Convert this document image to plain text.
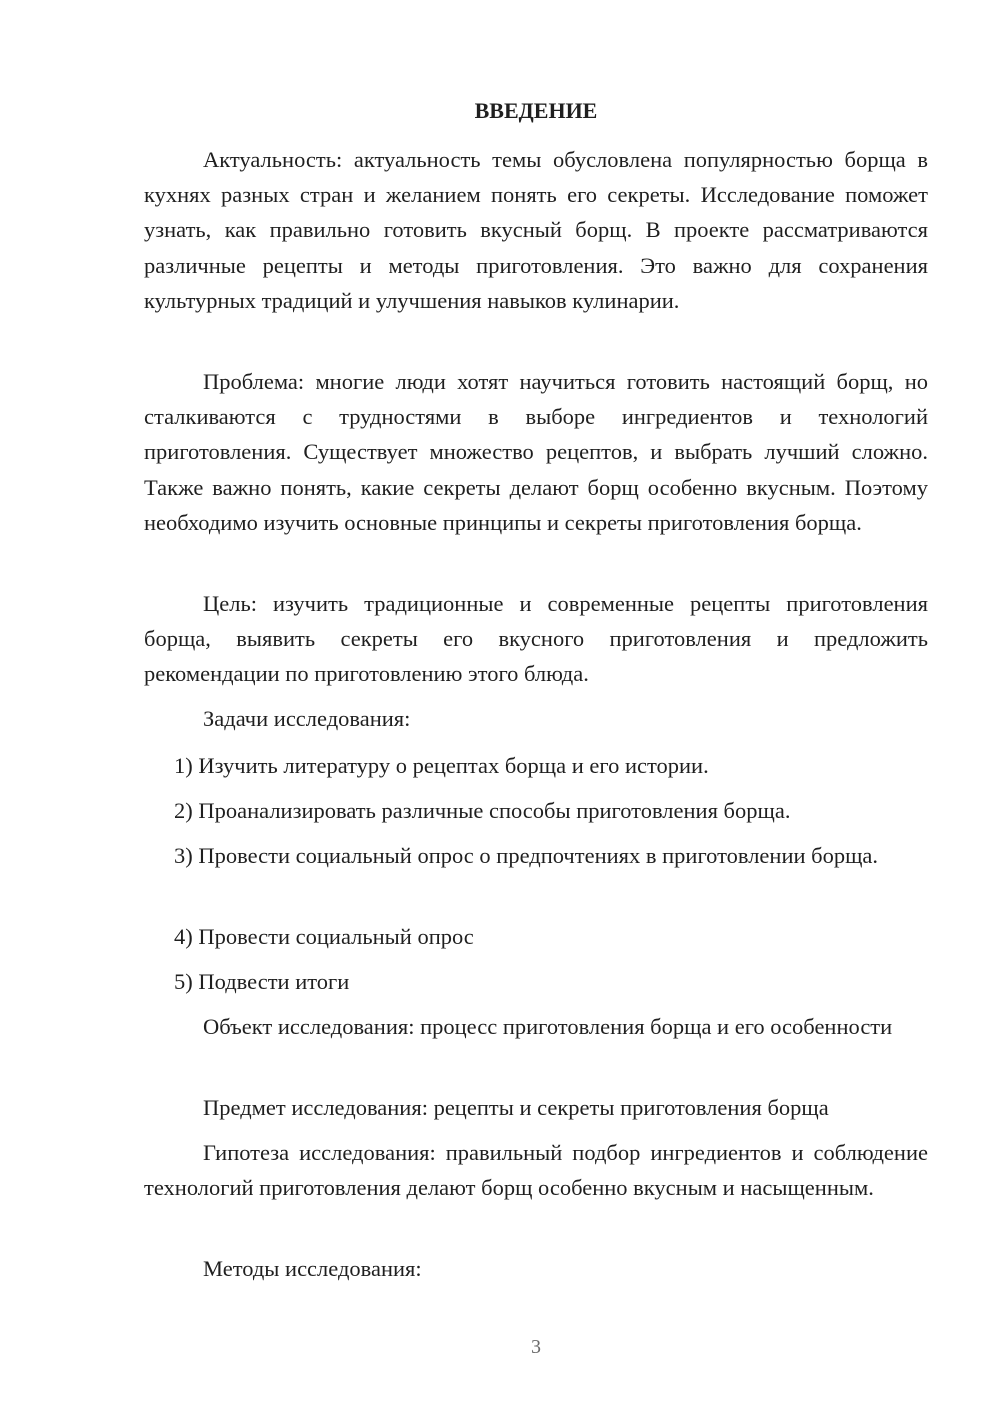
ВВЕДЕНИЕ

Актуальность: актуальность темы обусловлена популярностью борща в кухнях разных стран и желанием понять его секреты. Исследование поможет узнать, как правильно готовить вкусный борщ. В проекте рассматриваются различные рецепты и методы приготовления. Это важно для сохранения культурных традиций и улучшения навыков кулинарии.

Проблема: многие люди хотят научиться готовить настоящий борщ, но сталкиваются с трудностями в выборе ингредиентов и технологий приготовления. Существует множество рецептов, и выбрать лучший сложно. Также важно понять, какие секреты делают борщ особенно вкусным. Поэтому необходимо изучить основные принципы и секреты приготовления борща.

Цель: изучить традиционные и современные рецепты приготовления борща, выявить секреты его вкусного приготовления и предложить рекомендации по приготовлению этого блюда.

Задачи исследования:

1) Изучить литературу о рецептах борща и его истории.

2) Проанализировать различные способы приготовления борща.

3) Провести социальный опрос о предпочтениях в приготовлении борща.

4) Провести социальный опрос

5) Подвести итоги

Объект исследования: процесс приготовления борща и его особенности

Предмет исследования: рецепты и секреты приготовления борща

Гипотеза исследования: правильный подбор ингредиентов и соблюдение технологий приготовления делают борщ особенно вкусным и насыщенным.

Методы исследования:

3
